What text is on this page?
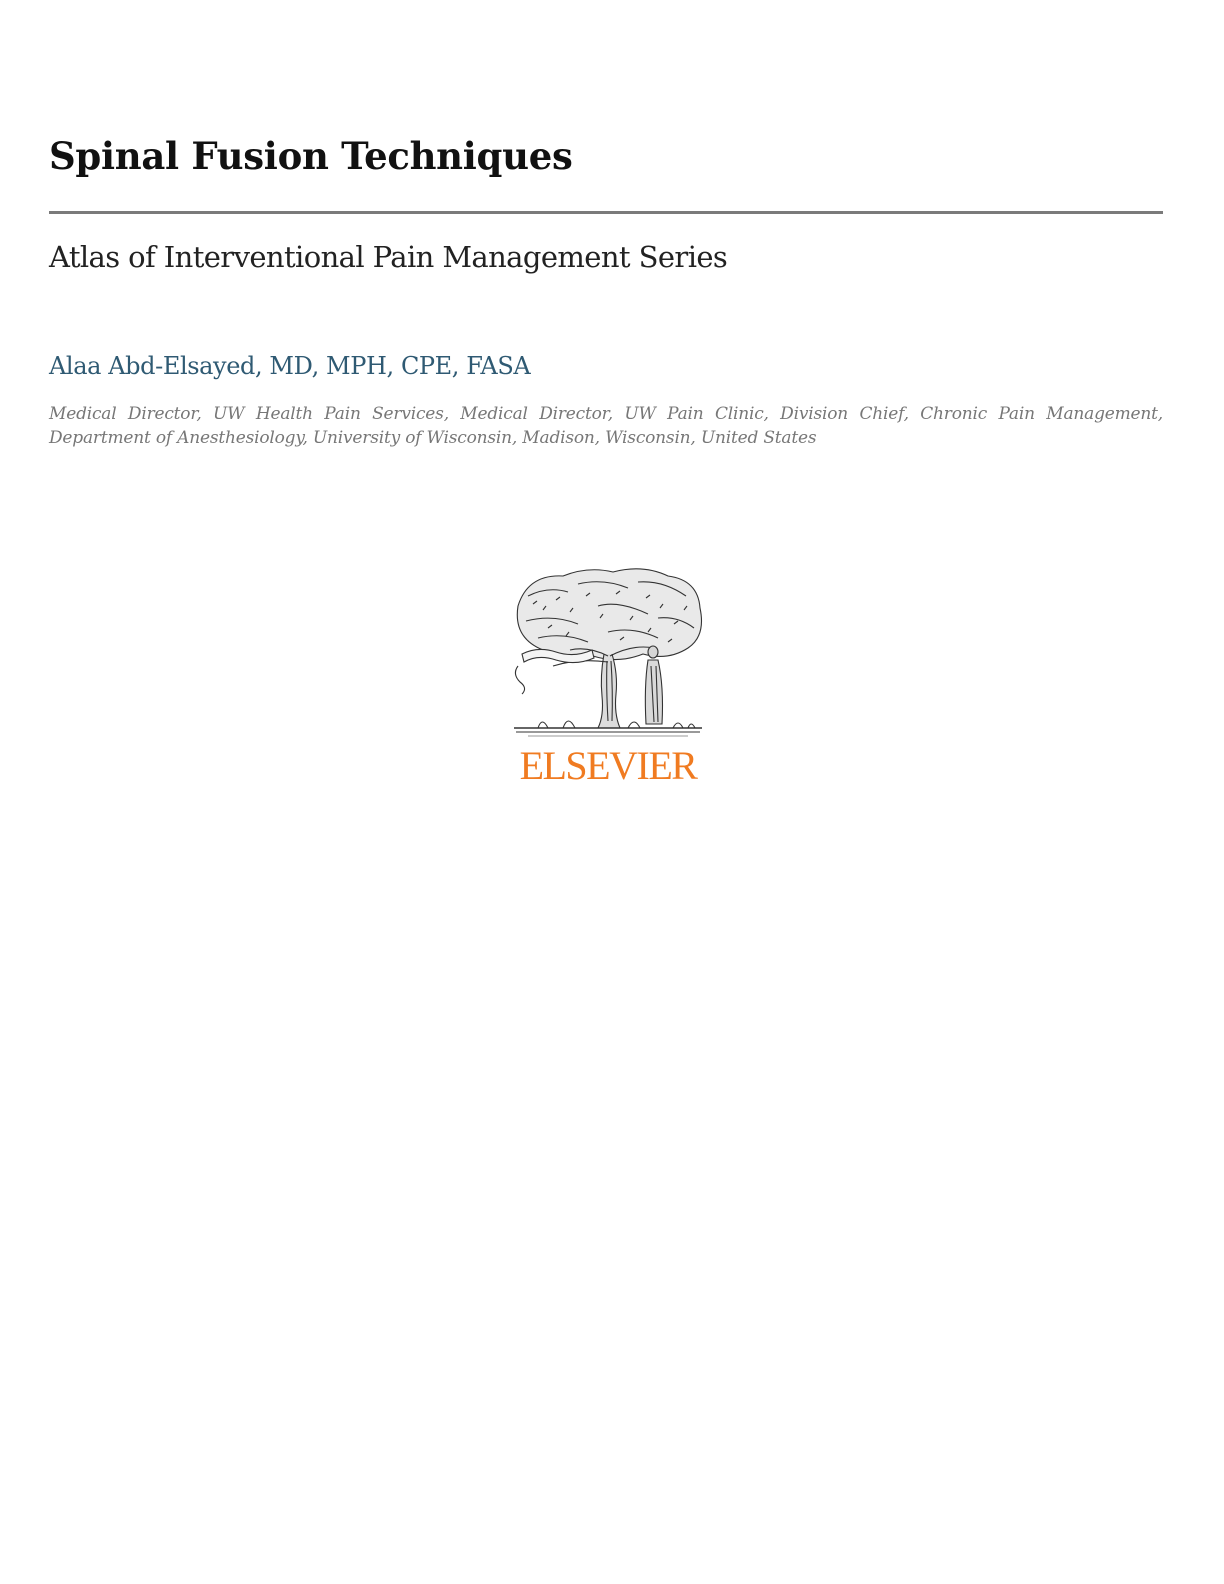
Spinal Fusion Techniques
Atlas of Interventional Pain Management Series
Alaa Abd-Elsayed, MD, MPH, CPE, FASA

Medical Director, UW Health Pain Services, Medical Director, UW Pain Clinic, Division Chief, Chronic Pain Management, Department of Anesthesiology, University of Wisconsin, Madison, Wisconsin, United States

ELSEVIER
